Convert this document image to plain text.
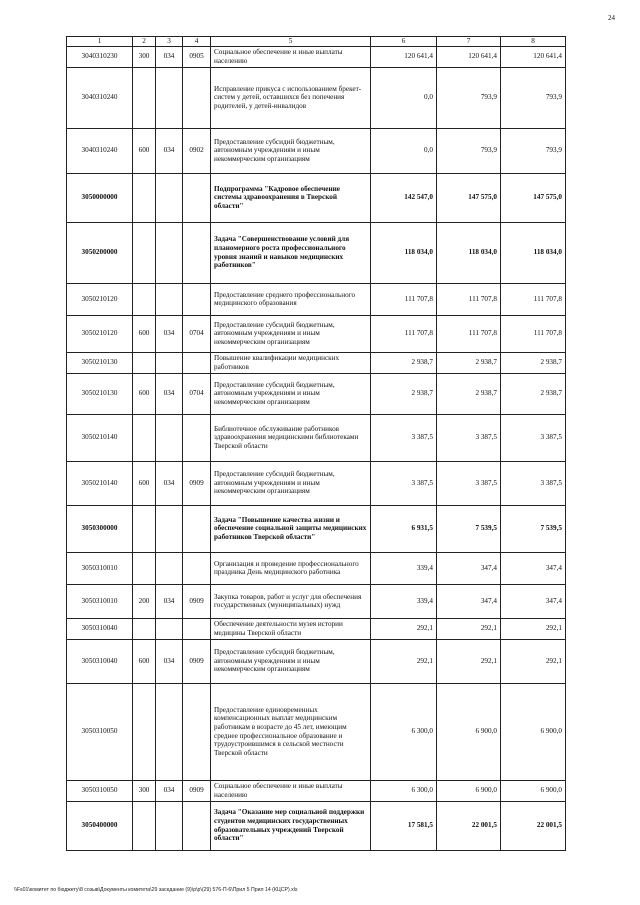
24
1	2	3	4	5	6	7	8
3040310230	300	034	0905	Социальное обеспечение и иные выплаты населению	120 641,4	120 641,4	120 641,4
3040310240				Исправление прикуса с использованием брекет-систем у детей, оставшихся без попечения родителей, у детей-инвалидов	0,0	793,9	793,9
3040310240	600	034	0902	Предоставление субсидий бюджетным, автономным учреждениям и иным некоммерческим организациям	0,0	793,9	793,9
3050000000				Подпрограмма "Кадровое обеспечение системы здравоохранения в Тверской области"	142 547,0	147 575,0	147 575,0
3050200000				Задача "Совершенствование условий для планомерного роста профессионального уровня знаний и навыков медицинских работников"	118 034,0	118 034,0	118 034,0
3050210120				Предоставление среднего профессионального медицинского образования	111 707,8	111 707,8	111 707,8
3050210120	600	034	0704	Предоставление субсидий бюджетным, автономным учреждениям и иным некоммерческим организациям	111 707,8	111 707,8	111 707,8
3050210130				Повышение квалификации медицинских работников	2 938,7	2 938,7	2 938,7
3050210130	600	034	0704	Предоставление субсидий бюджетным, автономным учреждениям и иным некоммерческим организациям	2 938,7	2 938,7	2 938,7
3050210140				Библиотечное обслуживание работников здравоохранения медицинскими библиотеками Тверской области	3 387,5	3 387,5	3 387,5
3050210140	600	034	0909	Предоставление субсидий бюджетным, автономным учреждениям и иным некоммерческим организациям	3 387,5	3 387,5	3 387,5
3050300000				Задача "Повышение качества жизни и обеспечение социальной защиты медицинских работников Тверской области"	6 931,5	7 539,5	7 539,5
3050310010				Организация и проведение профессионального праздника День медицинского работника	339,4	347,4	347,4
3050310010	200	034	0909	Закупка товаров, работ и услуг для обеспечения государственных (муниципальных) нужд	339,4	347,4	347,4
3050310040				Обеспечение деятельности музея истории медицины Тверской области	292,1	292,1	292,1
3050310040	600	034	0909	Предоставление субсидий бюджетным, автономным учреждениям и иным некоммерческим организациям	292,1	292,1	292,1
3050310050				Предоставление единовременных компенсационных выплат медицинским работникам в возрасте до 45 лет, имеющим среднее профессиональное образование и трудоустроившимся в сельской местности Тверской области	6 300,0	6 900,0	6 900,0
3050310050	300	034	0909	Социальное обеспечение и иные выплаты населению	6 300,0	6 900,0	6 900,0
3050400000				Задача "Оказание мер социальной поддержки студентов медицинских государственных образовательных учреждений Тверской области"	17 581,5	22 001,5	22 001,5
\\Fs01\комитет по бюджету\8 созыв\Документы комитета\29 заседание (9)\р\р\(29) 576-П-6\Прил 5 Прил 14 (КЦСР).xls
